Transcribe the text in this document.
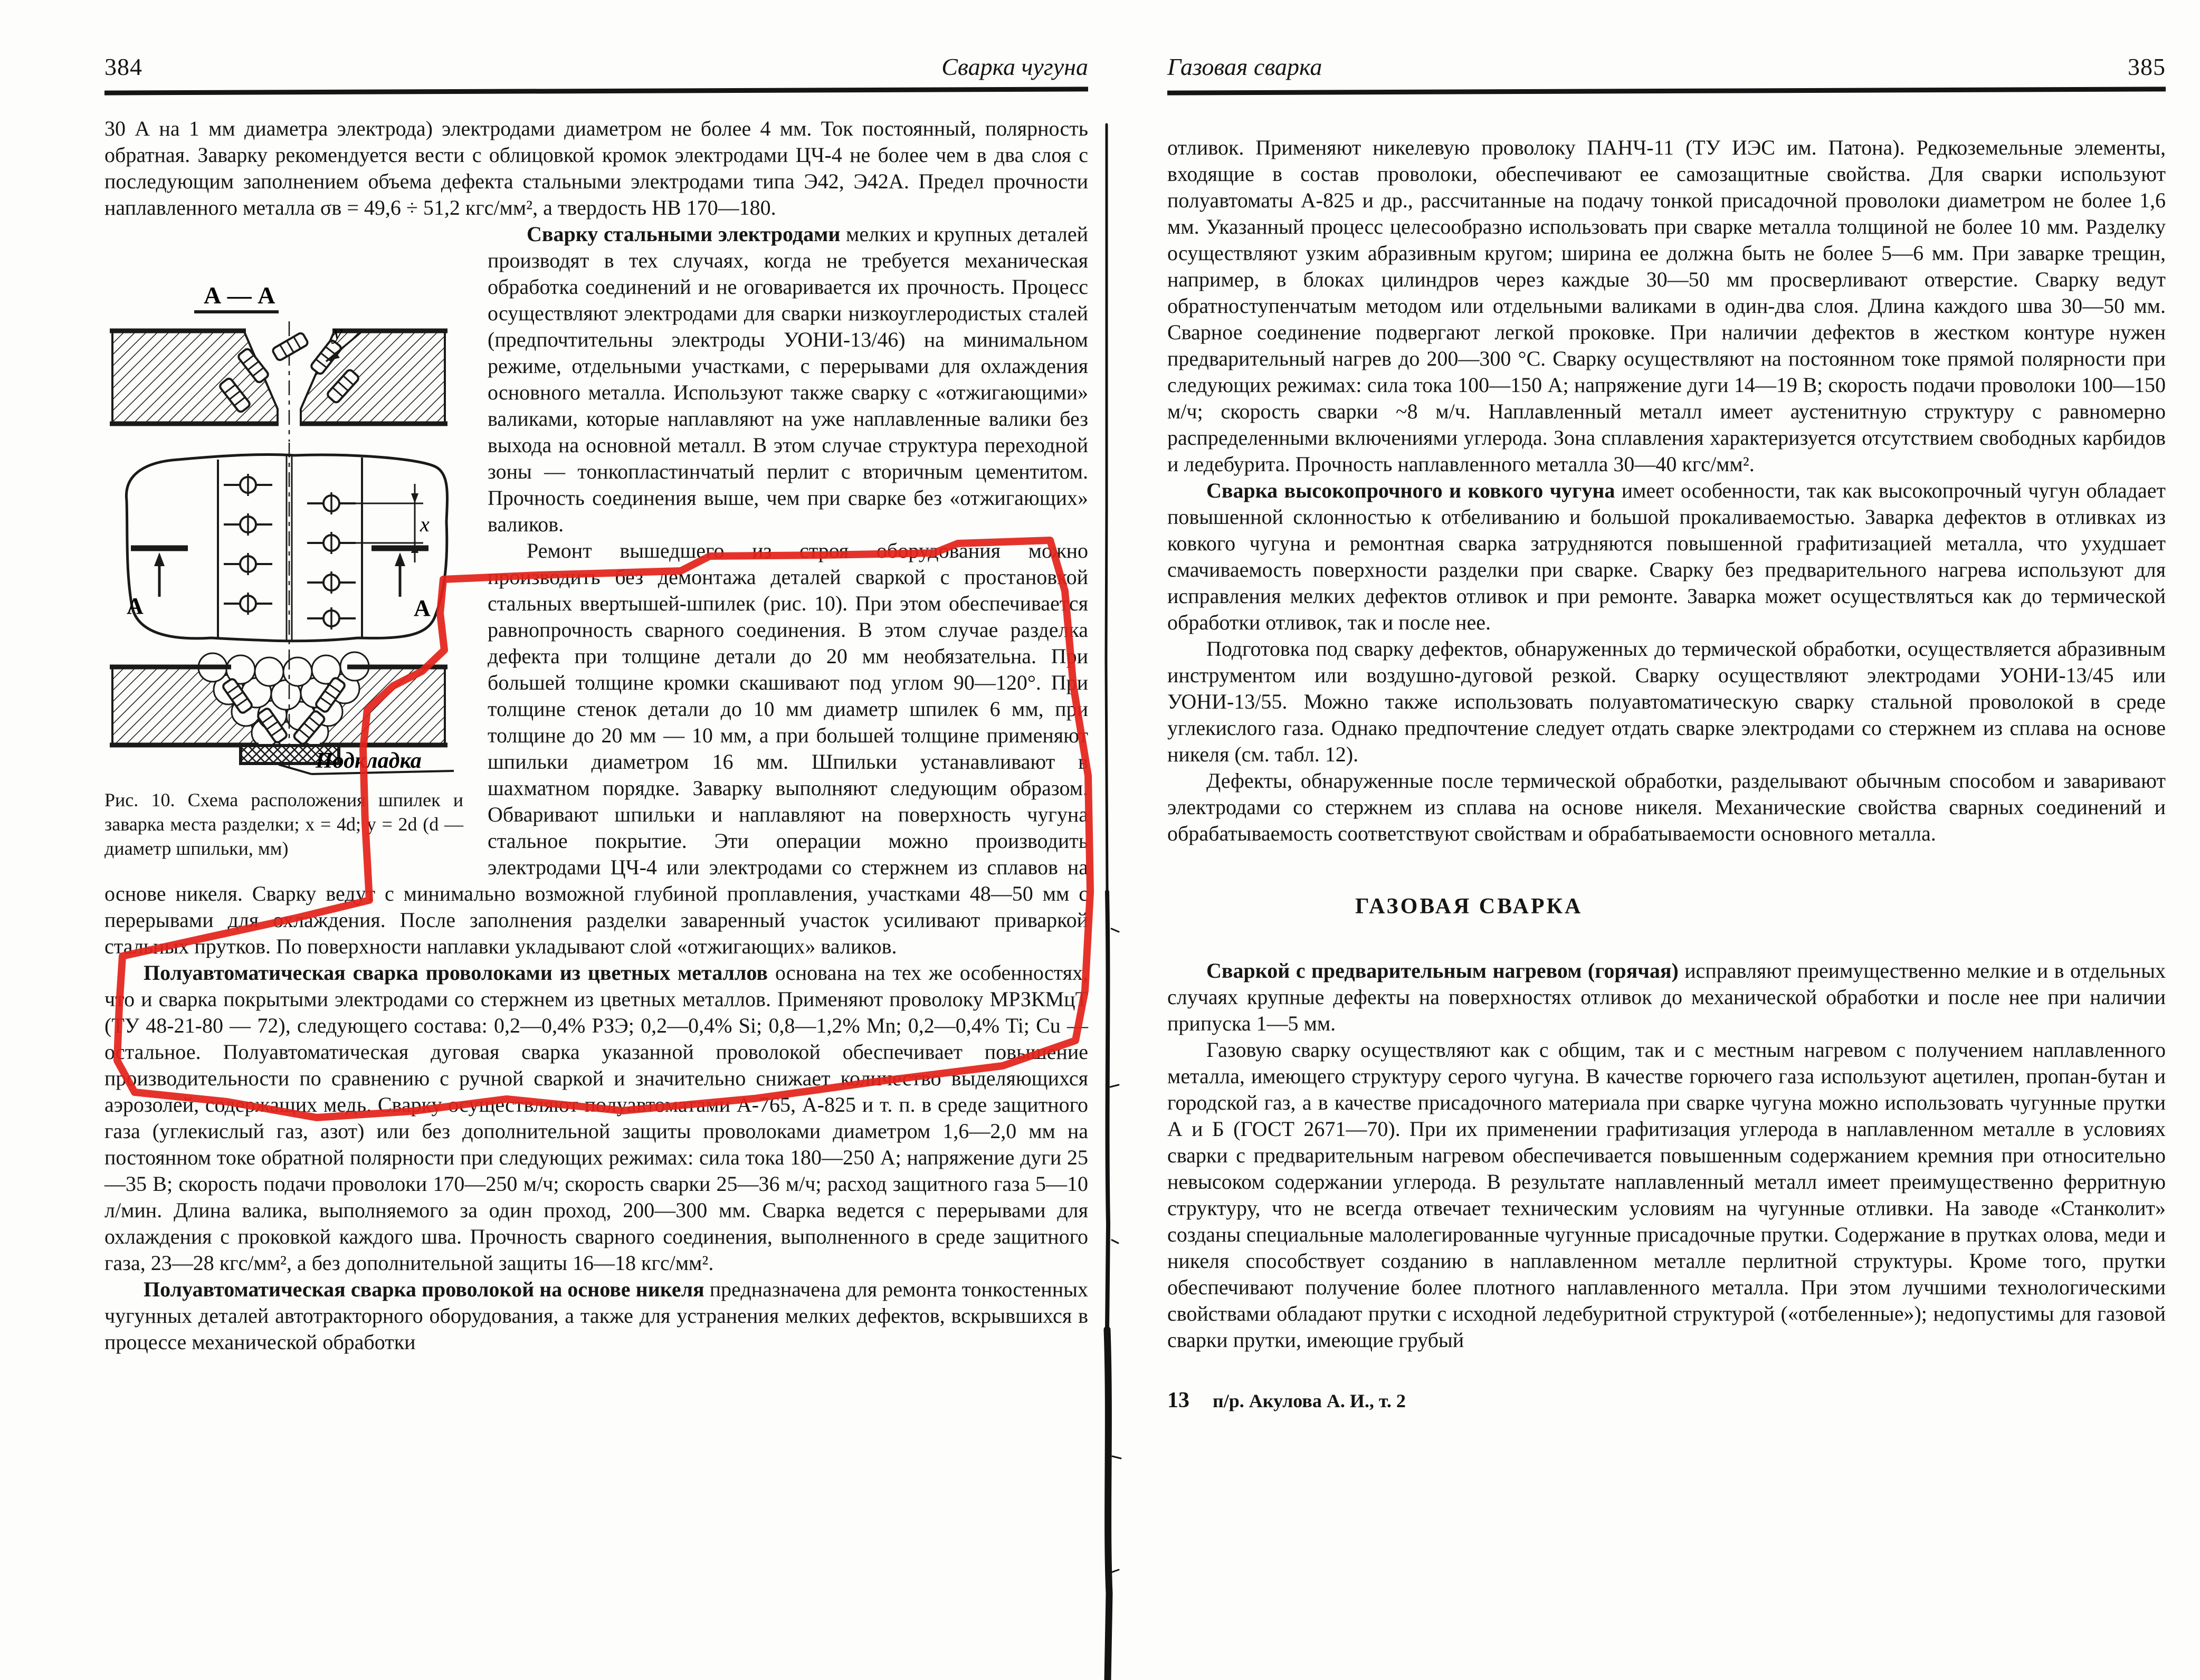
384	Сварка чугуна

30 А на 1 мм диаметра электрода) электродами диаметром не более 4 мм. Ток постоянный, полярность обратная. Заварку рекомендуется вести с облицовкой кромок электродами ЦЧ-4 не более чем в два слоя с последующим заполнением объема дефекта стальными электродами типа Э42, Э42А. Предел прочности наплавленного металла σв = 49,6 ÷ 51,2 кгс/мм², а твердость НВ 170—180.

А — А
y
x
А	А
Подкладка

Рис. 10. Схема расположения шпилек и заварка места разделки; x = 4d; y = 2d (d — диаметр шпильки, мм)

Сварку стальными электродами мелких и крупных деталей производят в тех случаях, когда не требуется механическая обработка соединений и не оговаривается их прочность. Процесс осуществляют электродами для сварки низкоуглеродистых сталей (предпочтительны электроды УОНИ-13/46) на минимальном режиме, отдельными участками, с перерывами для охлаждения основного металла. Используют также сварку с «отжигающими» валиками, которые наплавляют на уже наплавленные валики без выхода на основной металл. В этом случае структура переходной зоны — тонкопластинчатый перлит с вторичным цементитом. Прочность соединения выше, чем при сварке без «отжигающих» валиков.

Ремонт вышедшего из строя оборудования можно производить без демонтажа деталей сваркой с простановкой стальных ввертышей-шпилек (рис. 10). При этом обеспечивается равнопрочность сварного соединения. В этом случае разделка дефекта при толщине детали до 20 мм необязательна. При большей толщине кромки скашивают под углом 90—120°. При толщине стенок детали до 10 мм диаметр шпилек 6 мм, при толщине до 20 мм — 10 мм, а при большей толщине применяют шпильки диаметром 16 мм. Шпильки устанавливают в шахматном порядке. Заварку выполняют следующим образом. Обваривают шпильки и наплавляют на поверхность чугуна стальное покрытие. Эти операции можно производить электродами ЦЧ-4 или электродами со стержнем из сплавов на основе никеля. Сварку ведут с минимально возможной глубиной проплавления, участками 48—50 мм с перерывами для охлаждения. После заполнения разделки заваренный участок усиливают приваркой стальных прутков. По поверхности наплавки укладывают слой «отжигающих» валиков.

Полуавтоматическая сварка проволоками из цветных металлов основана на тех же особенностях, что и сварка покрытыми электродами со стержнем из цветных металлов. Применяют проволоку МРЗКМцТ (ТУ 48-21-80 — 72), следующего состава: 0,2—0,4% РЗЭ; 0,2—0,4% Si; 0,8—1,2% Mn; 0,2—0,4% Ti; Cu — остальное. Полуавтоматическая дуговая сварка указанной проволокой обеспечивает повышение производительности по сравнению с ручной сваркой и значительно снижает количество выделяющихся аэрозолей, содержащих медь. Сварку осуществляют полуавтоматами А-765, А-825 и т. п. в среде защитного газа (углекислый газ, азот) или без дополнительной защиты проволоками диаметром 1,6—2,0 мм на постоянном токе обратной полярности при следующих режимах: сила тока 180—250 А; напряжение дуги 25—35 В; скорость подачи проволоки 170—250 м/ч; скорость сварки 25—36 м/ч; расход защитного газа 5—10 л/мин. Длина валика, выполняемого за один проход, 200—300 мм. Сварка ведется с перерывами для охлаждения с проковкой каждого шва. Прочность сварного соединения, выполненного в среде защитного газа, 23—28 кгс/мм², а без дополнительной защиты 16—18 кгс/мм².

Полуавтоматическая сварка проволокой на основе никеля предназначена для ремонта тонкостенных чугунных деталей автотракторного оборудования, а также для устранения мелких дефектов, вскрывшихся в процессе механической обработки

Газовая сварка	385

отливок. Применяют никелевую проволоку ПАНЧ-11 (ТУ ИЭС им. Патона). Редкоземельные элементы, входящие в состав проволоки, обеспечивают ее самозащитные свойства. Для сварки используют полуавтоматы А-825 и др., рассчитанные на подачу тонкой присадочной проволоки диаметром не более 1,6 мм. Указанный процесс целесообразно использовать при сварке металла толщиной не более 10 мм. Разделку осуществляют узким абразивным кругом; ширина ее должна быть не более 5—6 мм. При заварке трещин, например, в блоках цилиндров через каждые 30—50 мм просверливают отверстие. Сварку ведут обратноступенчатым методом или отдельными валиками в один-два слоя. Длина каждого шва 30—50 мм. Сварное соединение подвергают легкой проковке. При наличии дефектов в жестком контуре нужен предварительный нагрев до 200—300 °С. Сварку осуществляют на постоянном токе прямой полярности при следующих режимах: сила тока 100—150 А; напряжение дуги 14—19 В; скорость подачи проволоки 100—150 м/ч; скорость сварки ~8 м/ч. Наплавленный металл имеет аустенитную структуру с равномерно распределенными включениями углерода. Зона сплавления характеризуется отсутствием свободных карбидов и ледебурита. Прочность наплавленного металла 30—40 кгс/мм².

Сварка высокопрочного и ковкого чугуна имеет особенности, так как высокопрочный чугун обладает повышенной склонностью к отбеливанию и большой прокаливаемостью. Заварка дефектов в отливках из ковкого чугуна и ремонтная сварка затрудняются повышенной графитизацией металла, что ухудшает смачиваемость поверхности разделки при сварке. Сварку без предварительного нагрева используют для исправления мелких дефектов отливок и при ремонте. Заварка может осуществляться как до термической обработки отливок, так и после нее.

Подготовка под сварку дефектов, обнаруженных до термической обработки, осуществляется абразивным инструментом или воздушно-дуговой резкой. Сварку осуществляют электродами УОНИ-13/45 или УОНИ-13/55. Можно также использовать полуавтоматическую сварку стальной проволокой в среде углекислого газа. Однако предпочтение следует отдать сварке электродами со стержнем из сплава на основе никеля (см. табл. 12).

Дефекты, обнаруженные после термической обработки, разделывают обычным способом и заваривают электродами со стержнем из сплава на основе никеля. Механические свойства сварных соединений и обрабатываемость соответствуют свойствам и обрабатываемости основного металла.

ГАЗОВАЯ СВАРКА

Сваркой с предварительным нагревом (горячая) исправляют преимущественно мелкие и в отдельных случаях крупные дефекты на поверхностях отливок до механической обработки и после нее при наличии припуска 1—5 мм.

Газовую сварку осуществляют как с общим, так и с местным нагревом с получением наплавленного металла, имеющего структуру серого чугуна. В качестве горючего газа используют ацетилен, пропан-бутан и городской газ, а в качестве присадочного материала при сварке чугуна можно использовать чугунные прутки А и Б (ГОСТ 2671—70). При их применении графитизация углерода в наплавленном металле в условиях сварки с предварительным нагревом обеспечивается повышенным содержанием кремния при относительно невысоком содержании углерода. В результате наплавленный металл имеет преимущественно ферритную структуру, что не всегда отвечает техническим условиям на чугунные отливки. На заводе «Станколит» созданы специальные малолегированные чугунные присадочные прутки. Содержание в прутках олова, меди и никеля способствует созданию в наплавленном металле перлитной структуры. Кроме того, прутки обеспечивают получение более плотного наплавленного металла. При этом лучшими технологическими свойствами обладают прутки с исходной ледебуритной структурой («отбеленные»); недопустимы для газовой сварки прутки, имеющие грубый

13 п/р. Акулова А. И., т. 2
